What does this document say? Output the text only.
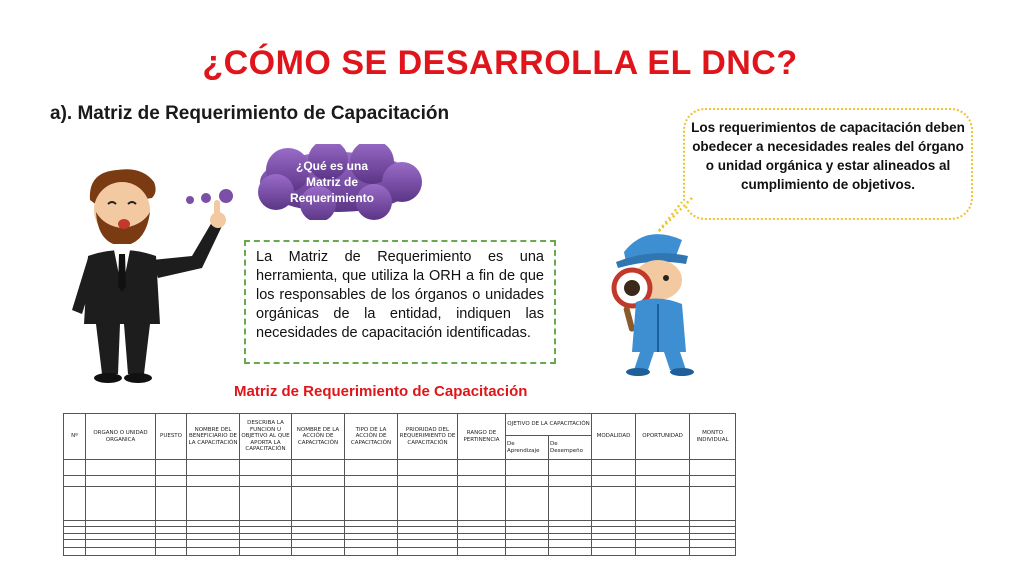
¿CÓMO SE DESARROLLA EL DNC?
a). Matriz de Requerimiento de Capacitación
¿Qué es una
Matriz de
Requerimiento
Los requerimientos de capacitación deben obedecer a necesidades reales del órgano o unidad orgánica y estar alineados al cumplimiento de objetivos.
La Matriz de Requerimiento es una herramienta, que utiliza la ORH a fin de que los responsables de los órganos o unidades orgánicas de la entidad, indiquen las necesidades de capacitación identificadas.
Matriz de Requerimiento de Capacitación
Nº	ORGANO O UNIDAD ORGANICA	PUESTO	NOMBRE DEL BENEFICIARIO DE LA CAPACITACIÓN	DESCRIBA LA FUNCION U OBJETIVO AL QUE APORTA LA CAPACITACIÓN	NOMBRE DE LA ACCIÓN DE CAPACITACIÓN	TIPO DE LA ACCIÓN DE CAPACITACIÓN	PRIORIDAD DEL REQUERIMIENTO DE CAPACITACIÓN	RANGO DE PERTINENCIA	OJETIVO DE LA CAPACITACIÓN		MODALIDAD	OPORTUNIDAD	MONTO INDIVIDUAL
									De Aprendizaje	De Desempeño			
